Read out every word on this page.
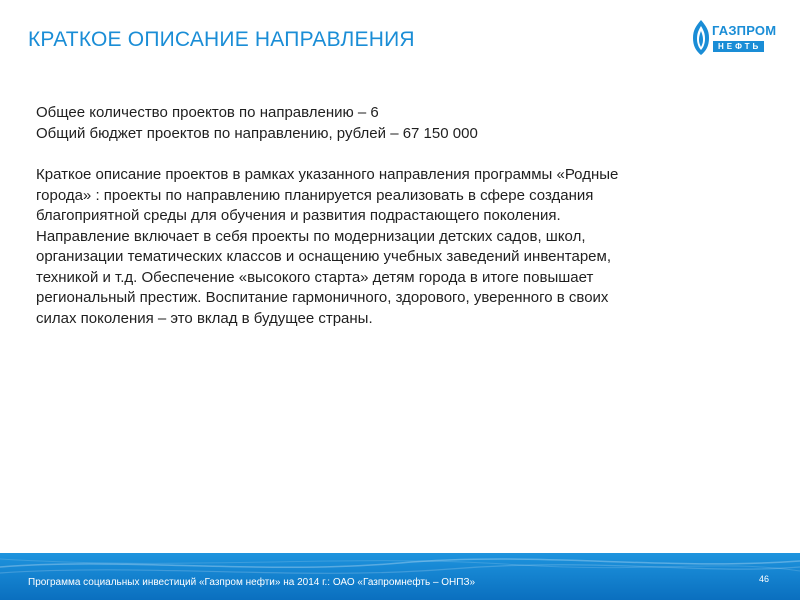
КРАТКОЕ ОПИСАНИЕ НАПРАВЛЕНИЯ	ГАЗПРОМ
НЕФТЬ

Общее количество проектов по направлению – 6

Общий бюджет проектов по направлению, рублей – 67 150 000

Краткое описание проектов в рамках указанного направления программы «Родные

города» : проекты по направлению планируется реализовать в сфере создания

благоприятной среды для обучения и развития подрастающего поколения.

Направление включает в себя проекты по модернизации детских садов, школ,

организации тематических классов и оснащению учебных заведений инвентарем,

техникой и т.д. Обеспечение «высокого старта» детям города в итоге повышает

региональный престиж. Воспитание гармоничного, здорового, уверенного в своих

силах поколения – это вклад в будущее страны.

Программа социальных инвестиций «Газпром нефти» на 2014 г.: ОАО «Газпромнефть – ОНПЗ»	46
